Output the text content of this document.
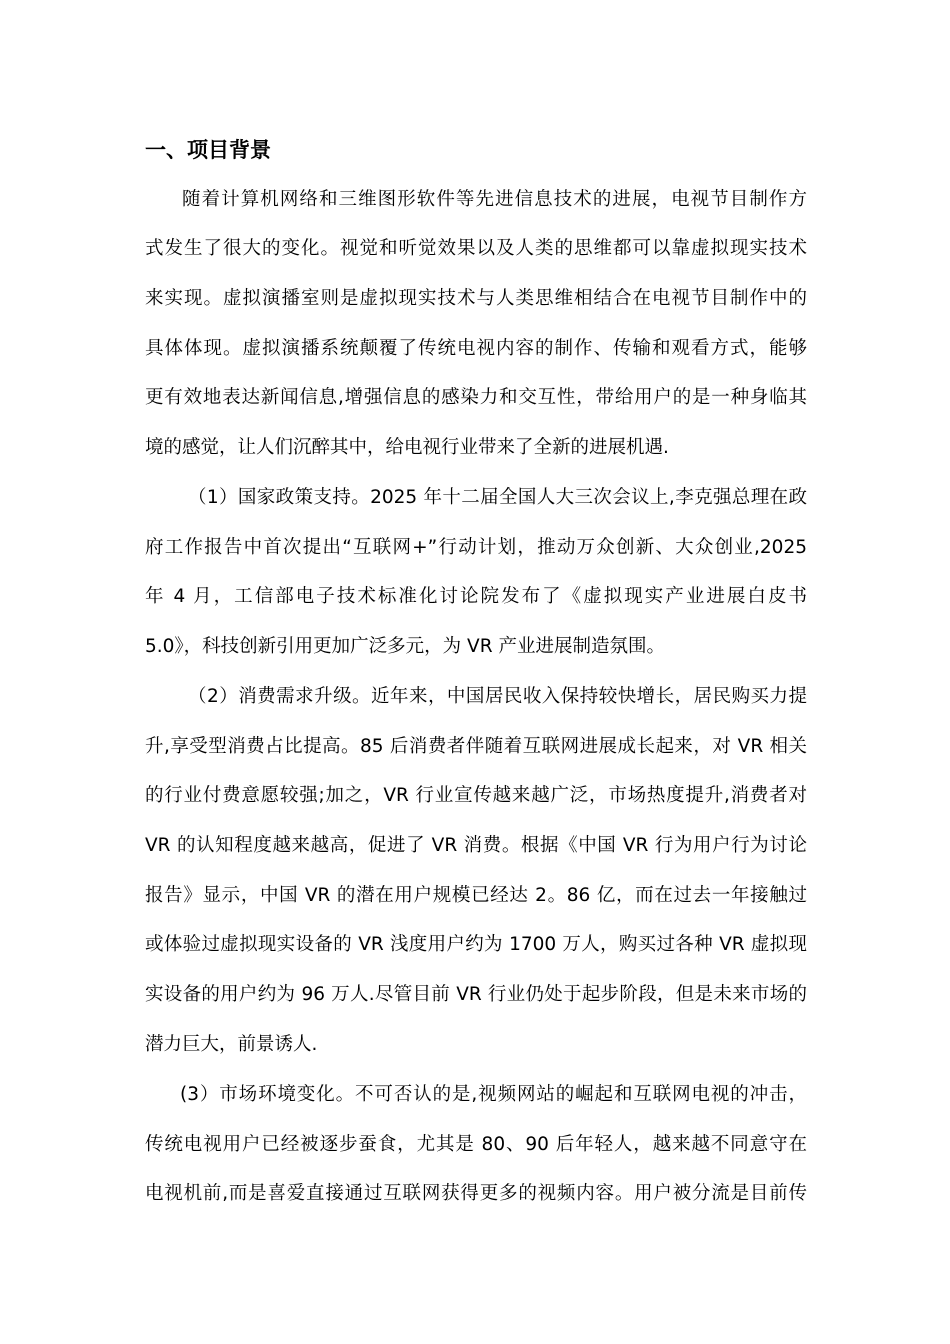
一、项目背景
随着计算机网络和三维图形软件等先进信息技术的进展，电视节目制作方
式发生了很大的变化。视觉和听觉效果以及人类的思维都可以靠虚拟现实技术
来实现。虚拟演播室则是虚拟现实技术与人类思维相结合在电视节目制作中的
具体体现。虚拟演播系统颠覆了传统电视内容的制作、传输和观看方式，能够
更有效地表达新闻信息,增强信息的感染力和交互性，带给用户的是一种身临其
境的感觉，让人们沉醉其中，给电视行业带来了全新的进展机遇.
（1）国家政策支持。2025 年十二届全国人大三次会议上,李克强总理在政
府工作报告中首次提出“互联网+”行动计划，推动万众创新、大众创业,2025
年 4 月，工信部电子技术标准化讨论院发布了《虚拟现实产业进展白皮书
5.0》，科技创新引用更加广泛多元，为 VR 产业进展制造氛围。
（2）消费需求升级。近年来，中国居民收入保持较快增长，居民购买力提
升,享受型消费占比提高。85 后消费者伴随着互联网进展成长起来，对 VR 相关
的行业付费意愿较强;加之，VR 行业宣传越来越广泛，市场热度提升,消费者对
VR 的认知程度越来越高，促进了 VR 消费。根据《中国 VR 行为用户行为讨论
报告》显示，中国 VR 的潜在用户规模已经达 2。86 亿，而在过去一年接触过
或体验过虚拟现实设备的 VR 浅度用户约为 1700 万人，购买过各种 VR 虚拟现
实设备的用户约为 96 万人.尽管目前 VR 行业仍处于起步阶段，但是未来市场的
潜力巨大，前景诱人.
(3）市场环境变化。不可否认的是,视频网站的崛起和互联网电视的冲击，
传统电视用户已经被逐步蚕食，尤其是 80、90 后年轻人，越来越不同意守在
电视机前,而是喜爱直接通过互联网获得更多的视频内容。用户被分流是目前传
